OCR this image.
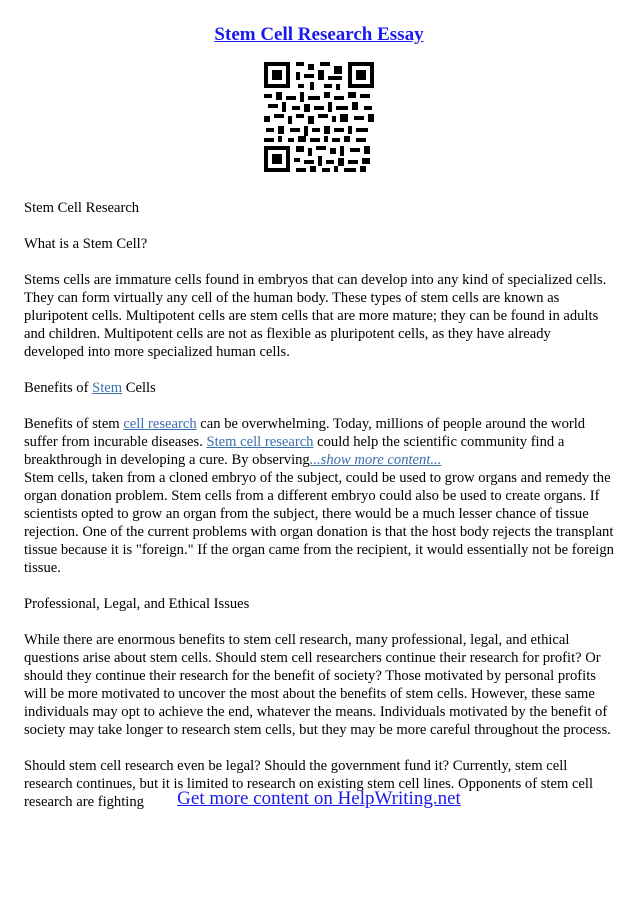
Stem Cell Research Essay

Stem Cell Research

What is a Stem Cell?

Stems cells are immature cells found in embryos that can develop into any kind of specialized cells. They can form virtually any cell of the human body. These types of stem cells are known as pluripotent cells. Multipotent cells are stem cells that are more mature; they can be found in adults and children. Multipotent cells are not as flexible as pluripotent cells, as they have already developed into more specialized human cells.

Benefits of Stem Cells

Benefits of stem cell research can be overwhelming. Today, millions of people around the world suffer from incurable diseases. Stem cell research could help the scientific community find a breakthrough in developing a cure. By observing...show more content...

Stem cells, taken from a cloned embryo of the subject, could be used to grow organs and remedy the organ donation problem. Stem cells from a different embryo could also be used to create organs. If scientists opted to grow an organ from the subject, there would be a much lesser chance of tissue rejection. One of the current problems with organ donation is that the host body rejects the transplant tissue because it is "foreign." If the organ came from the recipient, it would essentially not be foreign tissue.

Professional, Legal, and Ethical Issues

While there are enormous benefits to stem cell research, many professional, legal, and ethical questions arise about stem cells. Should stem cell researchers continue their research for profit? Or should they continue their research for the benefit of society? Those motivated by personal profits will be more motivated to uncover the most about the benefits of stem cells. However, these same individuals may opt to achieve the end, whatever the means. Individuals motivated by the benefit of society may take longer to research stem cells, but they may be more careful throughout the process.

Should stem cell research even be legal? Should the government fund it? Currently, stem cell research continues, but it is limited to research on existing stem cell lines. Opponents of stem cell research are fighting	Get more content on HelpWriting.net
